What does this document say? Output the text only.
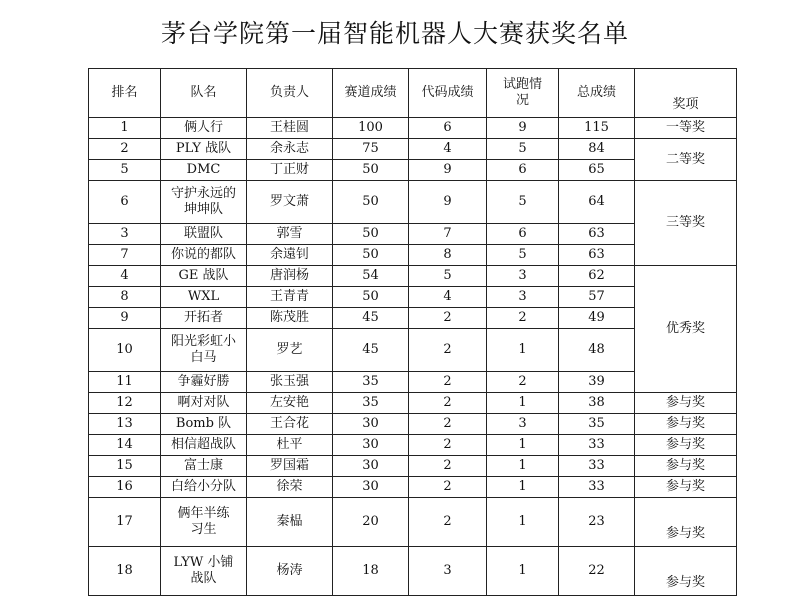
茅台学院第一届智能机器人大赛获奖名单
排名	队名	负责人	赛道成绩	代码成绩	试跑情况	总成绩	奖项
1	俩人行	王桂圆	100	6	9	115	一等奖
2	PLY 战队	余永志	75	4	5	84	二等奖
5	DMC	丁正财	50	9	6	65	
6	守护永远的坤坤队	罗文萧	50	9	5	64	三等奖
3	联盟队	郭雪	50	7	6	63	
7	你说的都队	余遠钊	50	8	5	63	
4	GE 战队	唐润杨	54	5	3	62	优秀奖
8	WXL	王青青	50	4	3	57	
9	开拓者	陈茂胜	45	2	2	49	
10	阳光彩虹小白马	罗艺	45	2	1	48	
11	争霾好勝	张玉强	35	2	2	39	
12	啊对对队	左安艳	35	2	1	38	参与奖
13	Bomb 队	王合花	30	2	3	35	参与奖
14	相信超战队	杜平	30	2	1	33	参与奖
15	富士康	罗国霜	30	2	1	33	参与奖
16	白给小分队	徐荣	30	2	1	33	参与奖
17	俩年半练习生	秦榀	20	2	1	23	参与奖
18	LYW 小铺战队	杨涛	18	3	1	22	参与奖
